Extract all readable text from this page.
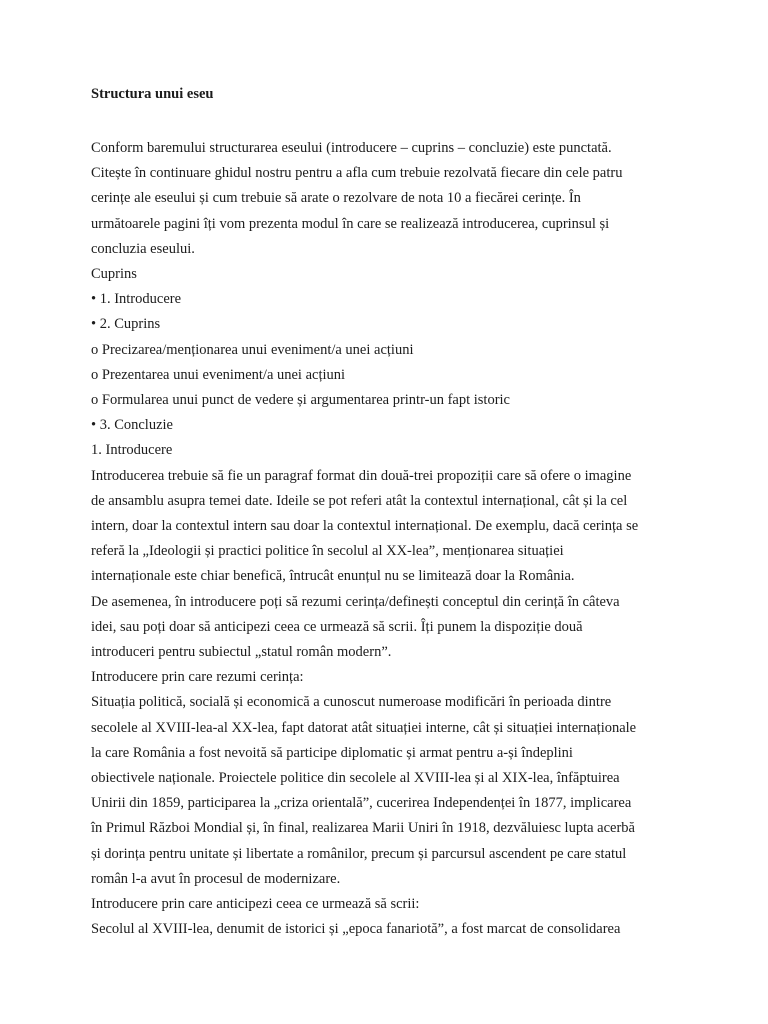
Structura unui eseu
Conform baremului structurarea eseului (introducere – cuprins – concluzie) este punctată.
Citește în continuare ghidul nostru pentru a afla cum trebuie rezolvată fiecare din cele patru
cerințe ale eseului și cum trebuie să arate o rezolvare de nota 10 a fiecărei cerințe. În
următoarele pagini îți vom prezenta modul în care se realizează introducerea, cuprinsul și
concluzia eseului.
Cuprins
• 1. Introducere
• 2. Cuprins
o Precizarea/menționarea unui eveniment/a unei acțiuni
o Prezentarea unui eveniment/a unei acțiuni
o Formularea unui punct de vedere și argumentarea printr-un fapt istoric
• 3. Concluzie
1. Introducere
Introducerea trebuie să fie un paragraf format din două-trei propoziții care să ofere o imagine
de ansamblu asupra temei date. Ideile se pot referi atât la contextul internațional, cât și la cel
intern, doar la contextul intern sau doar la contextul internațional. De exemplu, dacă cerința se
referă la „Ideologii și practici politice în secolul al XX-lea”, menționarea situației
internaționale este chiar benefică, întrucât enunțul nu se limitează doar la România.
De asemenea, în introducere poți să rezumi cerința/definești conceptul din cerință în câteva
idei, sau poți doar să anticipezi ceea ce urmează să scrii. Îți punem la dispoziție două
introduceri pentru subiectul „statul român modern”.
Introducere prin care rezumi cerința:
Situația politică, socială și economică a cunoscut numeroase modificări în perioada dintre
secolele al XVIII-lea-al XX-lea, fapt datorat atât situației interne, cât și situației internaționale
la care România a fost nevoită să participe diplomatic și armat pentru a-și îndeplini
obiectivele naționale. Proiectele politice din secolele al XVIII-lea și al XIX-lea, înfăptuirea
Unirii din 1859, participarea la „criza orientală”, cucerirea Independenței în 1877, implicarea
în Primul Război Mondial și, în final, realizarea Marii Uniri în 1918, dezvăluiesc lupta acerbă
și dorința pentru unitate și libertate a românilor, precum și parcursul ascendent pe care statul
român l-a avut în procesul de modernizare.
Introducere prin care anticipezi ceea ce urmează să scrii:
Secolul al XVIII-lea, denumit de istorici și „epoca fanariotă”, a fost marcat de consolidarea
